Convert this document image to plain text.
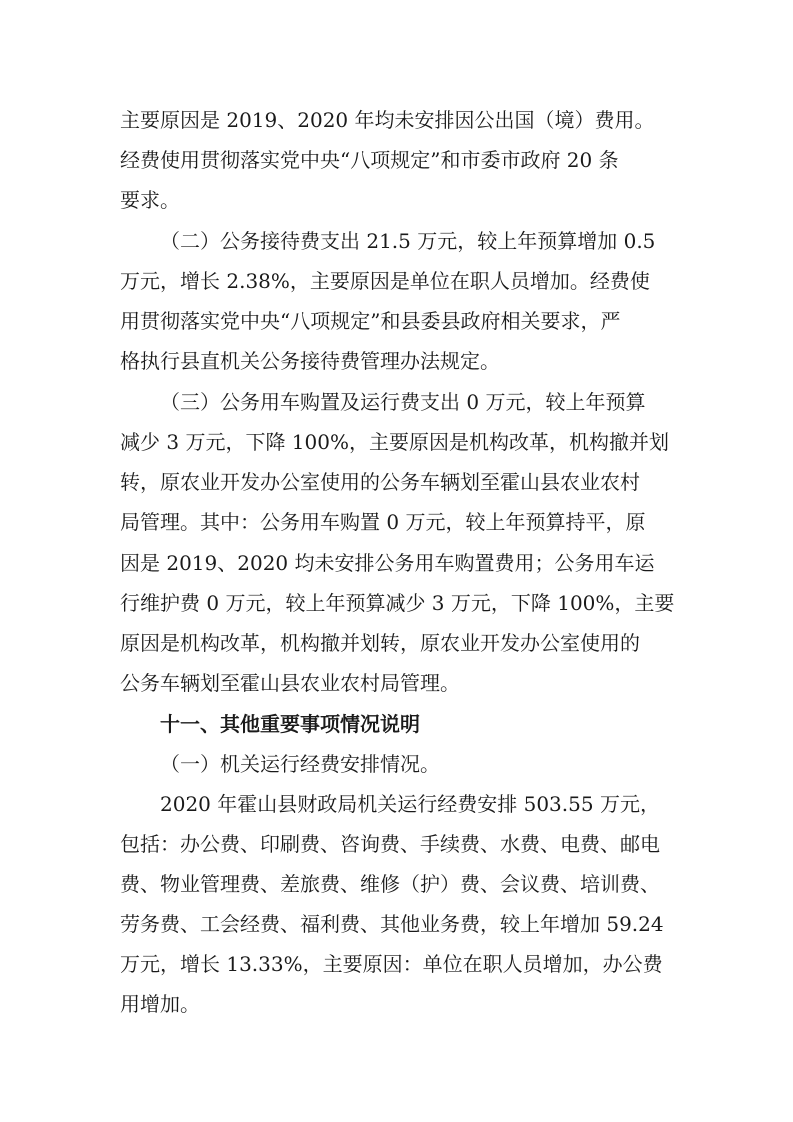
主要原因是 2019、2020 年均未安排因公出国（境）费用。
经费使用贯彻落实党中央“八项规定”和市委市政府 20 条
要求。
（二）公务接待费支出 21.5 万元，较上年预算增加 0.5
万元，增长 2.38%，主要原因是单位在职人员增加。经费使
用贯彻落实党中央“八项规定”和县委县政府相关要求，严
格执行县直机关公务接待费管理办法规定。
（三）公务用车购置及运行费支出 0 万元，较上年预算
减少 3 万元，下降 100%，主要原因是机构改革，机构撤并划
转，原农业开发办公室使用的公务车辆划至霍山县农业农村
局管理。其中：公务用车购置 0 万元，较上年预算持平，原
因是 2019、2020 均未安排公务用车购置费用；公务用车运
行维护费 0 万元，较上年预算减少 3 万元，下降 100%，主要
原因是机构改革，机构撤并划转，原农业开发办公室使用的
公务车辆划至霍山县农业农村局管理。
十一、其他重要事项情况说明
（一）机关运行经费安排情况。
2020 年霍山县财政局机关运行经费安排 503.55 万元，
包括：办公费、印刷费、咨询费、手续费、水费、电费、邮电
费、物业管理费、差旅费、维修（护）费、会议费、培训费、
劳务费、工会经费、福利费、其他业务费，较上年增加 59.24
万元，增长 13.33%，主要原因：单位在职人员增加，办公费
用增加。
